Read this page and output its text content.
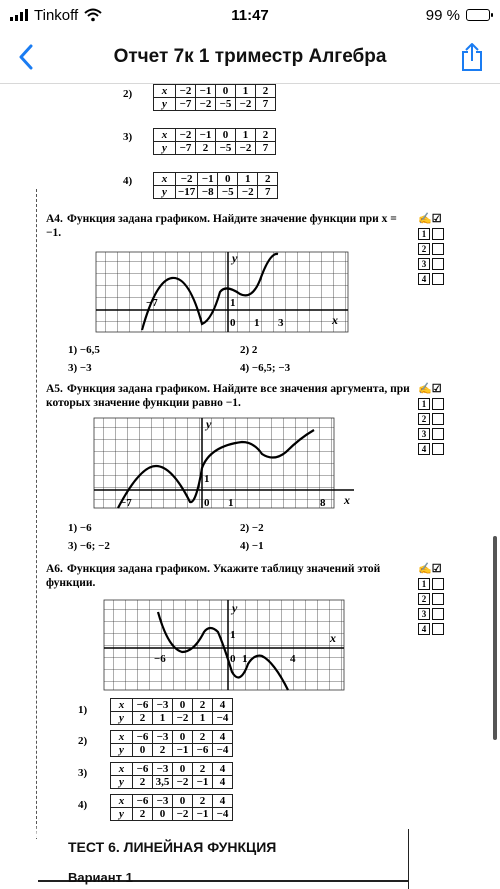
Tinkoff	11:47	99 %
Отчет 7к 1 триместр Алгебра
2)	x	−2	−1	0	1	2
y	−7	−2	−5	−2	7
3)	x	−2	−1	0	1	2
y	−7	2	−5	−2	7
4)	x	−2	−1	0	1	2
y	−17	−8	−5	−2	7
A4. Функция задана графиком. Найдите значение функции при x = −1.
✍☑
1
2
3
4
−7
0 1 3
1
x
y
1) −6,5	2) 2
3) −3	4) −6,5; −3
A5. Функция задана графиком. Найдите все значения аргумента, при которых значение функции равно −1.
✍☑
1
2
3
4
−7	0 1	8
1
x
y
1) −6	2) −2
3) −6; −2	4) −1
A6. Функция задана графиком. Укажите таблицу значений этой функции.
✍☑
1
2
3
4
−6	0 1	4
1	x
y
1)	x	−6	−3	0	2	4
y	2	1	−2	1	−4
2)	x	−6	−3	0	2	4
y	0	2	−1	−6	−4
3)	x	−6	−3	0	2	4
y	2	3,5	−2	−1	4
4)	x	−6	−3	0	2	4
y	2	0	−2	−1	−4
ТЕСТ 6. ЛИНЕЙНАЯ ФУНКЦИЯ
Вариант 1
